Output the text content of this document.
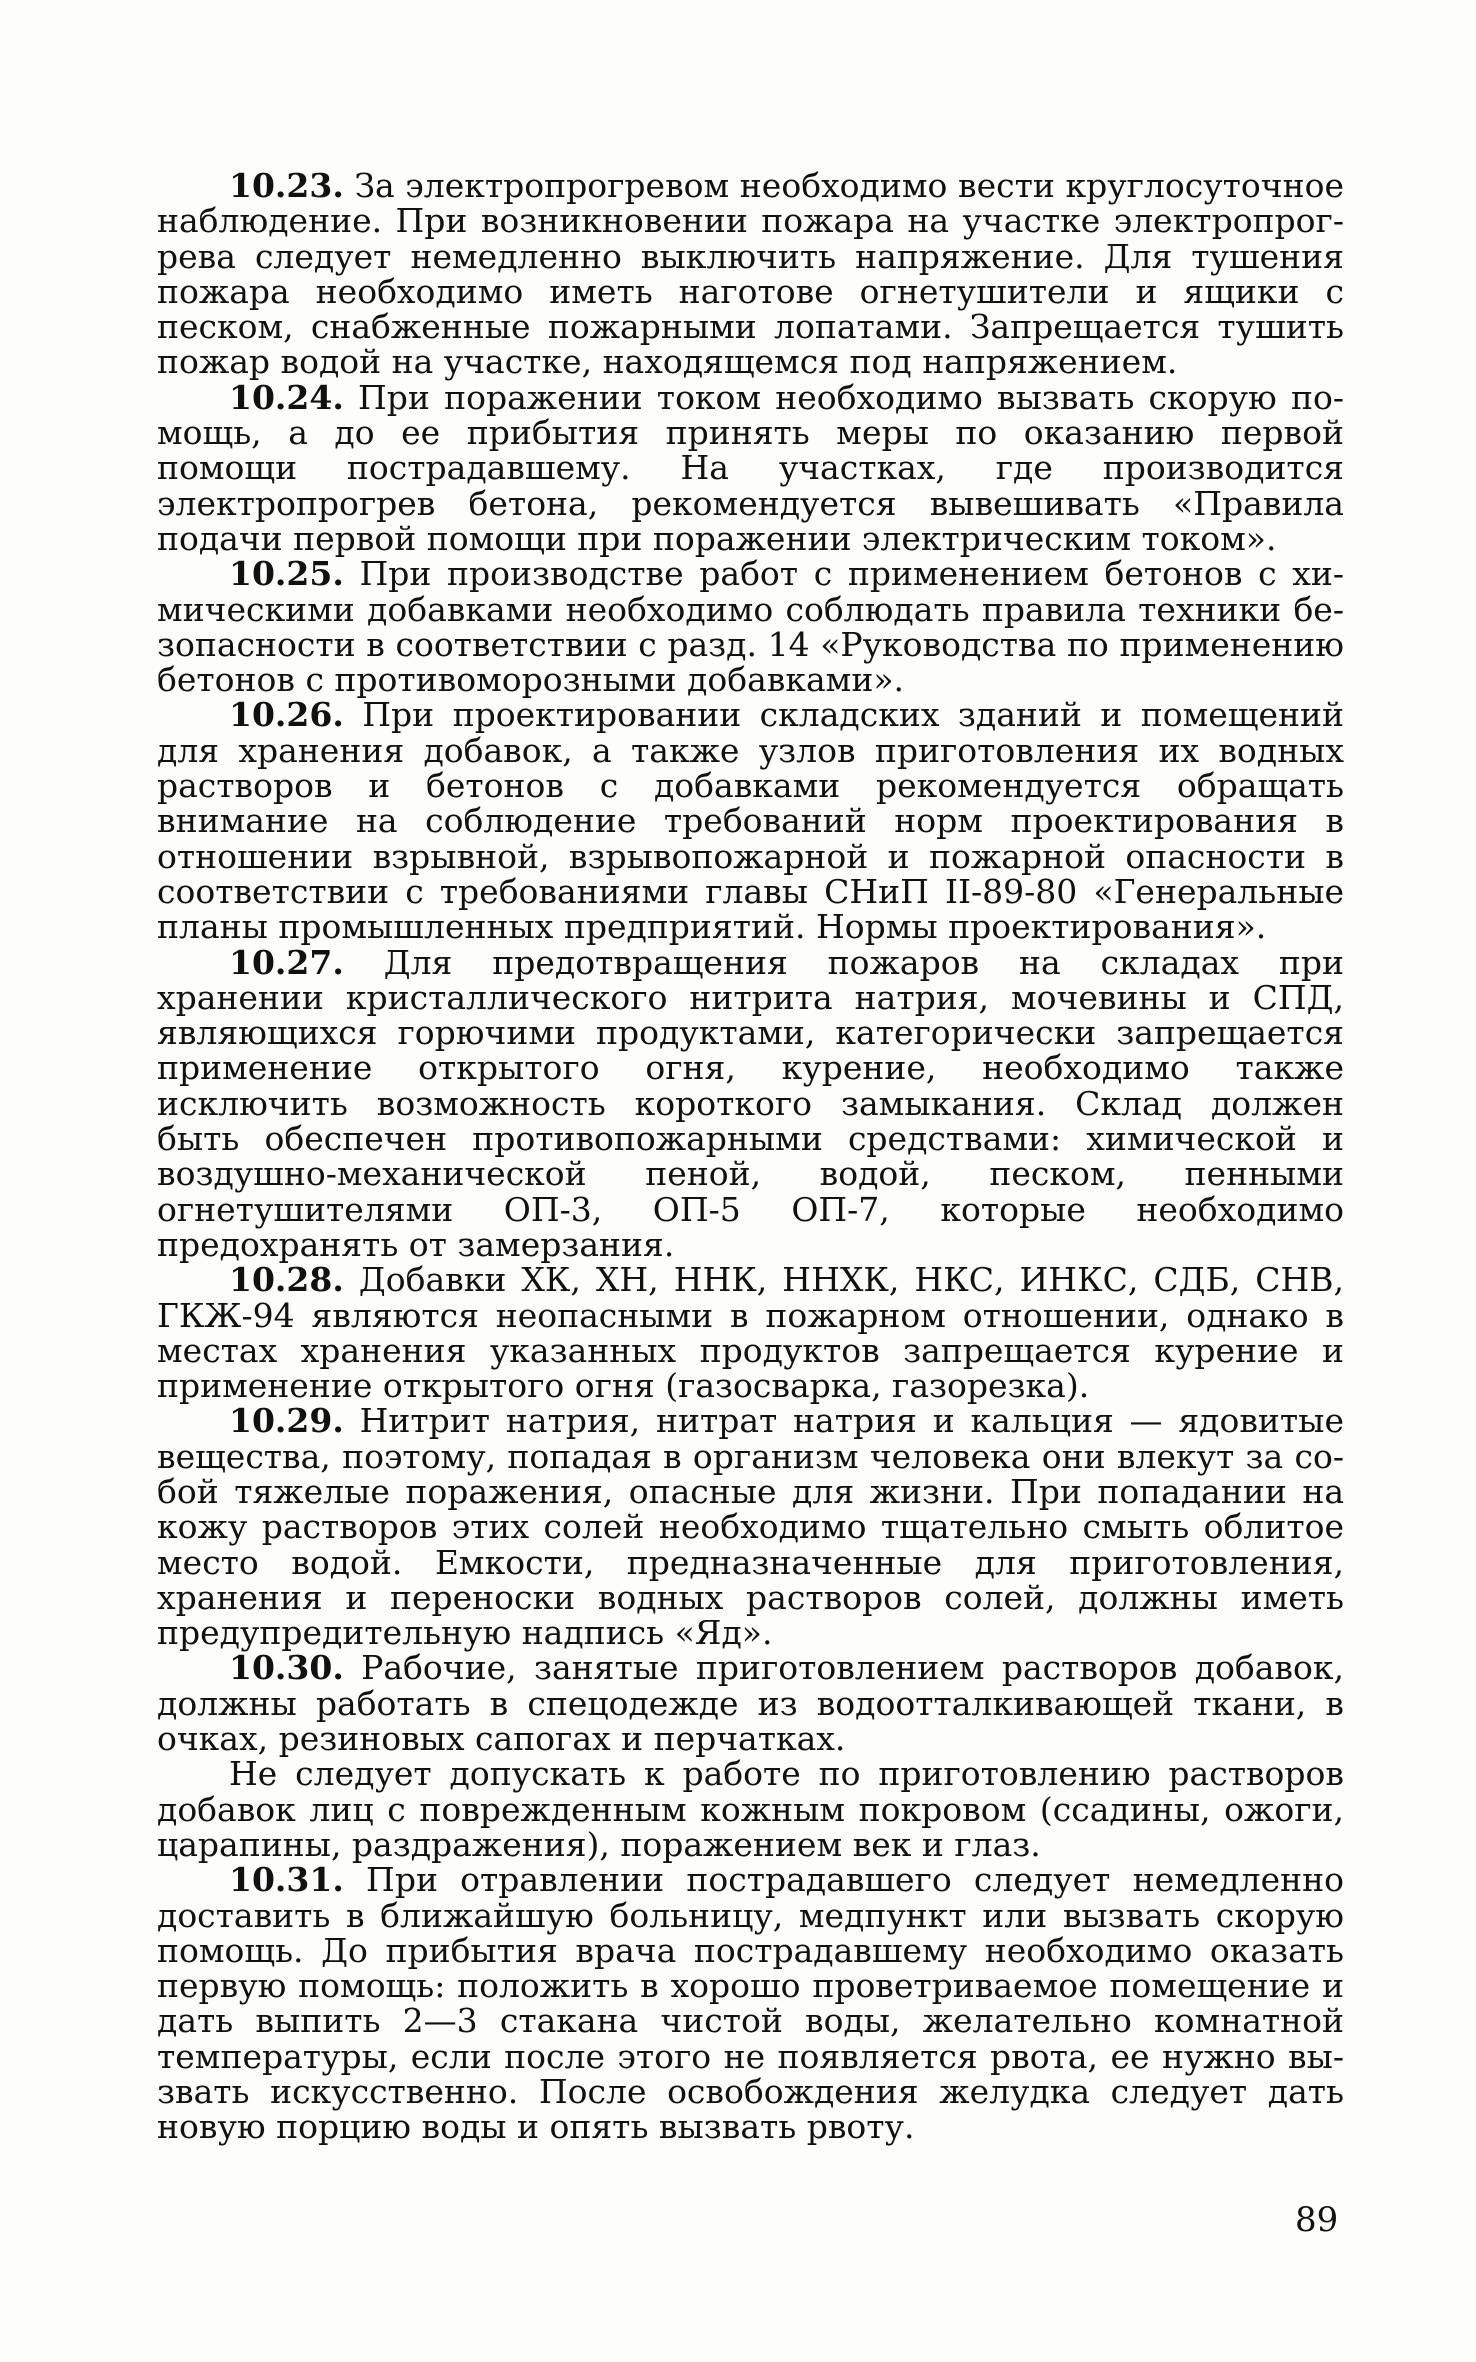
10.23. За электропрогревом необходимо вести круглосуточное наблюдение. При возникновении пожара на участке электропрогрева следует немедленно выключить напряжение. Для тушения пожара необходимо иметь наготове огнетушители и ящики с песком, снабженные пожарными лопатами. Запрещается тушить пожар водой на участке, находящемся под напряжением.

10.24. При поражении током необходимо вызвать скорую помощь, а до ее прибытия принять меры по оказанию первой помощи пострадавшему. На участках, где производится электропрогрев бетона, рекомендуется вывешивать «Правила подачи первой помощи при поражении электрическим током».

10.25. При производстве работ с применением бетонов с химическими добавками необходимо соблюдать правила техники безопасности в соответствии с разд. 14 «Руководства по применению бетонов с противоморозными добавками».

10.26. При проектировании складских зданий и помещений для хранения добавок, а также узлов приготовления их водных растворов и бетонов с добавками рекомендуется обращать внимание на соблюдение требований норм проектирования в отношении взрывной, взрывопожарной и пожарной опасности в соответствии с требованиями главы СНиП II-89-80 «Генеральные планы промышленных предприятий. Нормы проектирования».

10.27. Для предотвращения пожаров на складах при хранении кристаллического нитрита натрия, мочевины и СПД, являющихся горючими продуктами, категорически запрещается применение открытого огня, курение, необходимо также исключить возможность короткого замыкания. Склад должен быть обеспечен противопожарными средствами: химической и воздушно-механической пеной, водой, песком, пенными огнетушителями ОП-3, ОП-5 ОП-7, которые необходимо предохранять от замерзания.

10.28. Добавки ХК, ХН, ННК, ННХК, НКС, ИНКС, СДБ, СНВ, ГКЖ-94 являются неопасными в пожарном отношении, однако в местах хранения указанных продуктов запрещается курение и применение открытого огня (газосварка, газорезка).

10.29. Нитрит натрия, нитрат натрия и кальция — ядовитые вещества, поэтому, попадая в организм человека они влекут за собой тяжелые поражения, опасные для жизни. При попадании на кожу растворов этих солей необходимо тщательно смыть облитое место водой. Емкости, предназначенные для приготовления, хранения и переноски водных растворов солей, должны иметь предупредительную надпись «Яд».

10.30. Рабочие, занятые приготовлением растворов добавок, должны работать в спецодежде из водоотталкивающей ткани, в очках, резиновых сапогах и перчатках.

Не следует допускать к работе по приготовлению растворов добавок лиц с поврежденным кожным покровом (ссадины, ожоги, царапины, раздражения), поражением век и глаз.

10.31. При отравлении пострадавшего следует немедленно доставить в ближайшую больницу, медпункт или вызвать скорую помощь. До прибытия врача пострадавшему необходимо оказать первую помощь: положить в хорошо проветриваемое помещение и дать выпить 2—3 стакана чистой воды, желательно комнатной температуры, если после этого не появляется рвота, ее нужно вызвать искусственно. После освобождения желудка следует дать новую порцию воды и опять вызвать рвоту.

89
